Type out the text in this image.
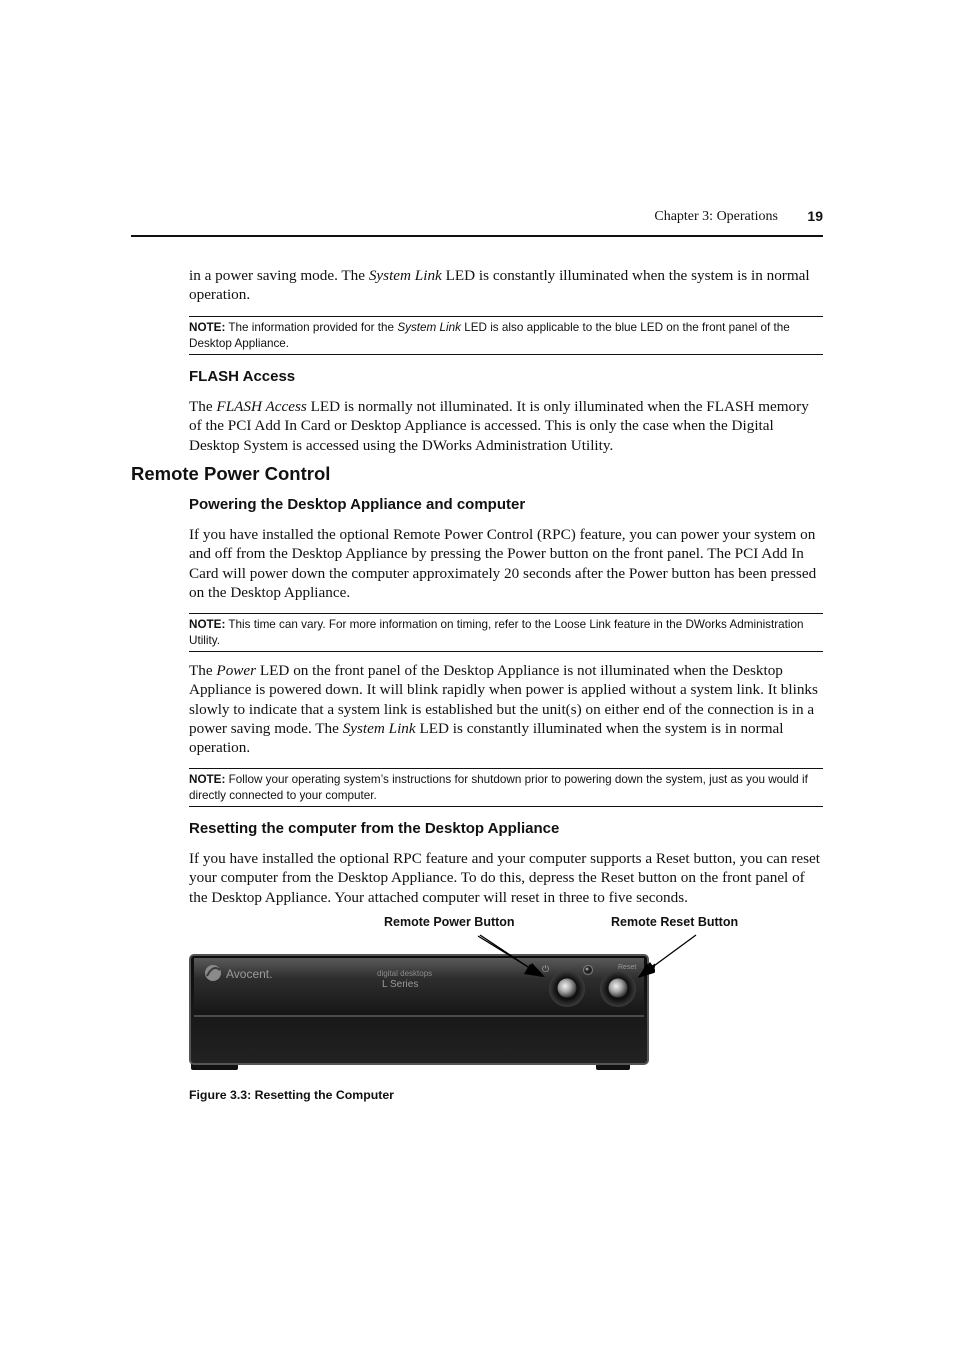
Chapter 3: Operations 19

in a power saving mode. The System Link LED is constantly illuminated when the system is in normal operation.

NOTE: The information provided for the System Link LED is also applicable to the blue LED on the front panel of the Desktop Appliance.
FLASH Access

The FLASH Access LED is normally not illuminated. It is only illuminated when the FLASH memory of the PCI Add In Card or Desktop Appliance is accessed. This is only the case when the Digital Desktop System is accessed using the DWorks Administration Utility.

Remote Power Control
Powering the Desktop Appliance and computer

If you have installed the optional Remote Power Control (RPC) feature, you can power your system on and off from the Desktop Appliance by pressing the Power button on the front panel. The PCI Add In Card will power down the computer approximately 20 seconds after the Power button has been pressed on the Desktop Appliance.

NOTE: This time can vary. For more information on timing, refer to the Loose Link feature in the DWorks Administration Utility.

The Power LED on the front panel of the Desktop Appliance is not illuminated when the Desktop Appliance is powered down. It will blink rapidly when power is applied without a system link. It blinks slowly to indicate that a system link is established but the unit(s) on either end of the connection is in a power saving mode. The System Link LED is constantly illuminated when the system is in normal operation.

NOTE: Follow your operating system’s instructions for shutdown prior to powering down the system, just as you would if directly connected to your computer.
Resetting the computer from the Desktop Appliance

If you have installed the optional RPC feature and your computer supports a Reset button, you can reset your computer from the Desktop Appliance. To do this, depress the Reset button on the front panel of the Desktop Appliance. Your attached computer will reset in three to five seconds.

Remote Power Button	Remote Reset Button
Avocent.	digital desktops
L Series
⏻	Reset
Figure 3.3: Resetting the Computer
